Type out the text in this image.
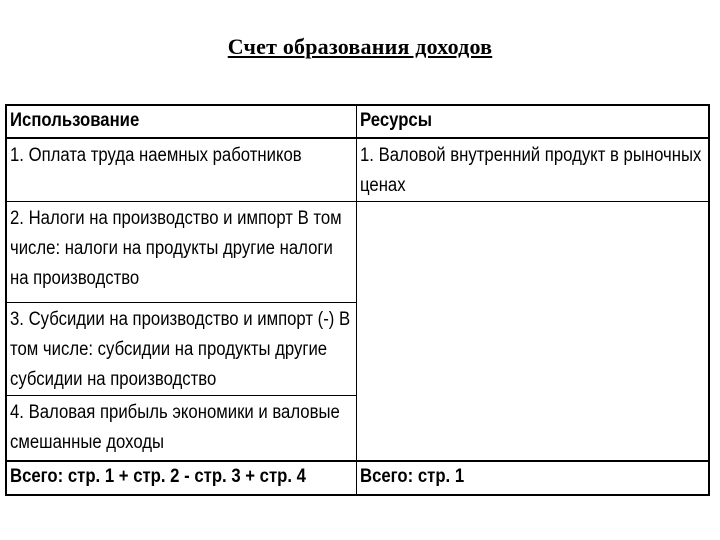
Счет образования доходов
Использование	Ресурсы

1. Оплата труда наемных работников	1. Валовой внутренний продукт в рыночных ценах

2. Налоги на производство и импорт В том числе: налоги на продукты другие налоги на производство	

3. Субсидии на производство и импорт (-) В том числе: субсидии на продукты другие субсидии на производство	

4. Валовая прибыль экономики и валовые смешанные доходы	

Всего: стр. 1 + стр. 2 - стр. 3 + стр. 4	Всего: стр. 1
